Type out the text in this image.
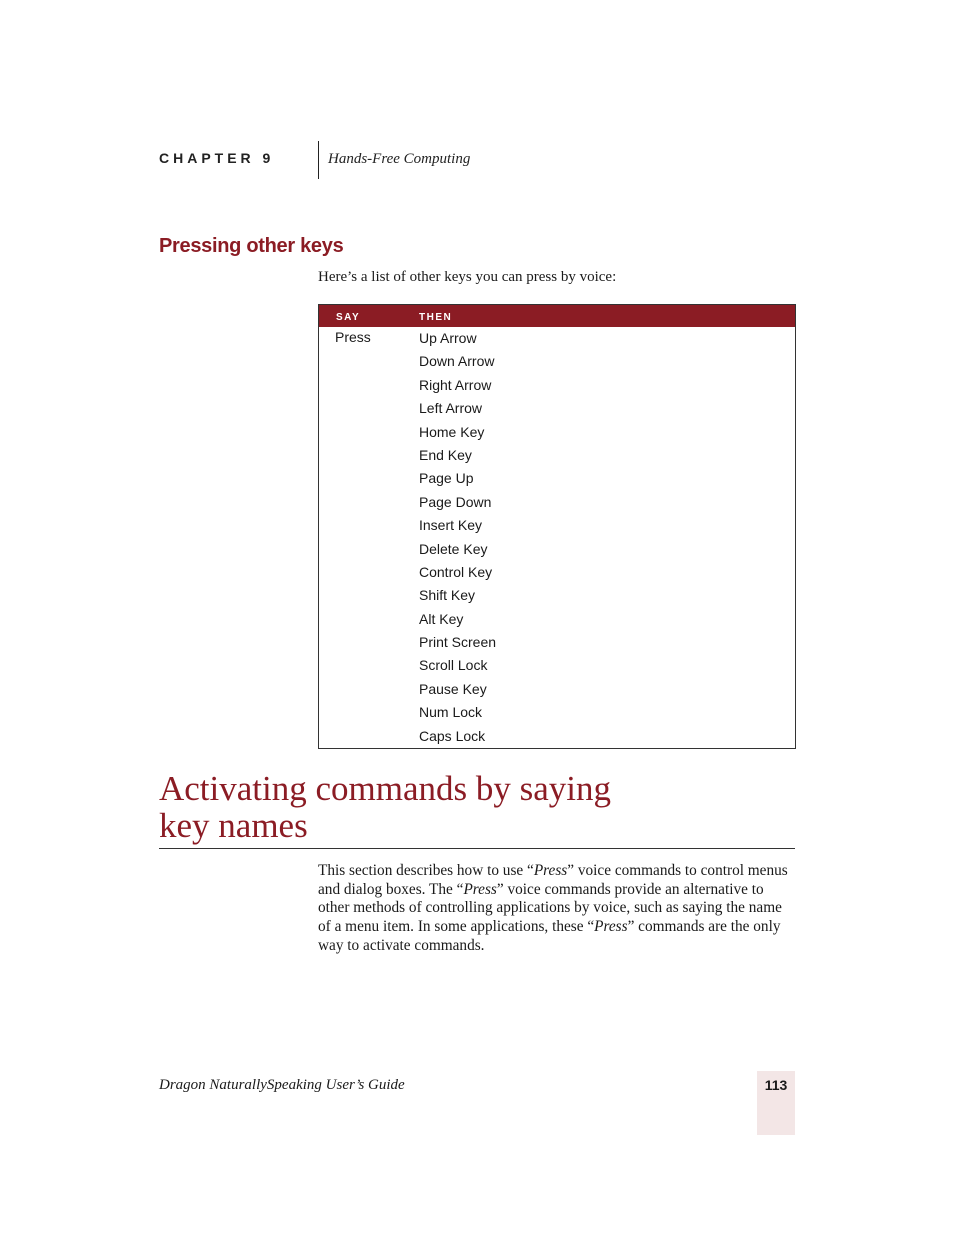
CHAPTER 9	Hands-Free Computing
Pressing other keys
Here’s a list of other keys you can press by voice:
SAY	THEN
Press	Up Arrow
Down Arrow
Right Arrow
Left Arrow
Home Key
End Key
Page Up
Page Down
Insert Key
Delete Key
Control Key
Shift Key
Alt Key
Print Screen
Scroll Lock
Pause Key
Num Lock
Caps Lock
Activating commands by saying
key names

This section describes how to use “Press” voice commands to control menus and dialog boxes. The “Press” voice commands provide an alternative to other methods of controlling applications by voice, such as saying the name of a menu item. In some applications, these “Press” commands are the only way to activate commands.

Dragon NaturallySpeaking User’s Guide	113
